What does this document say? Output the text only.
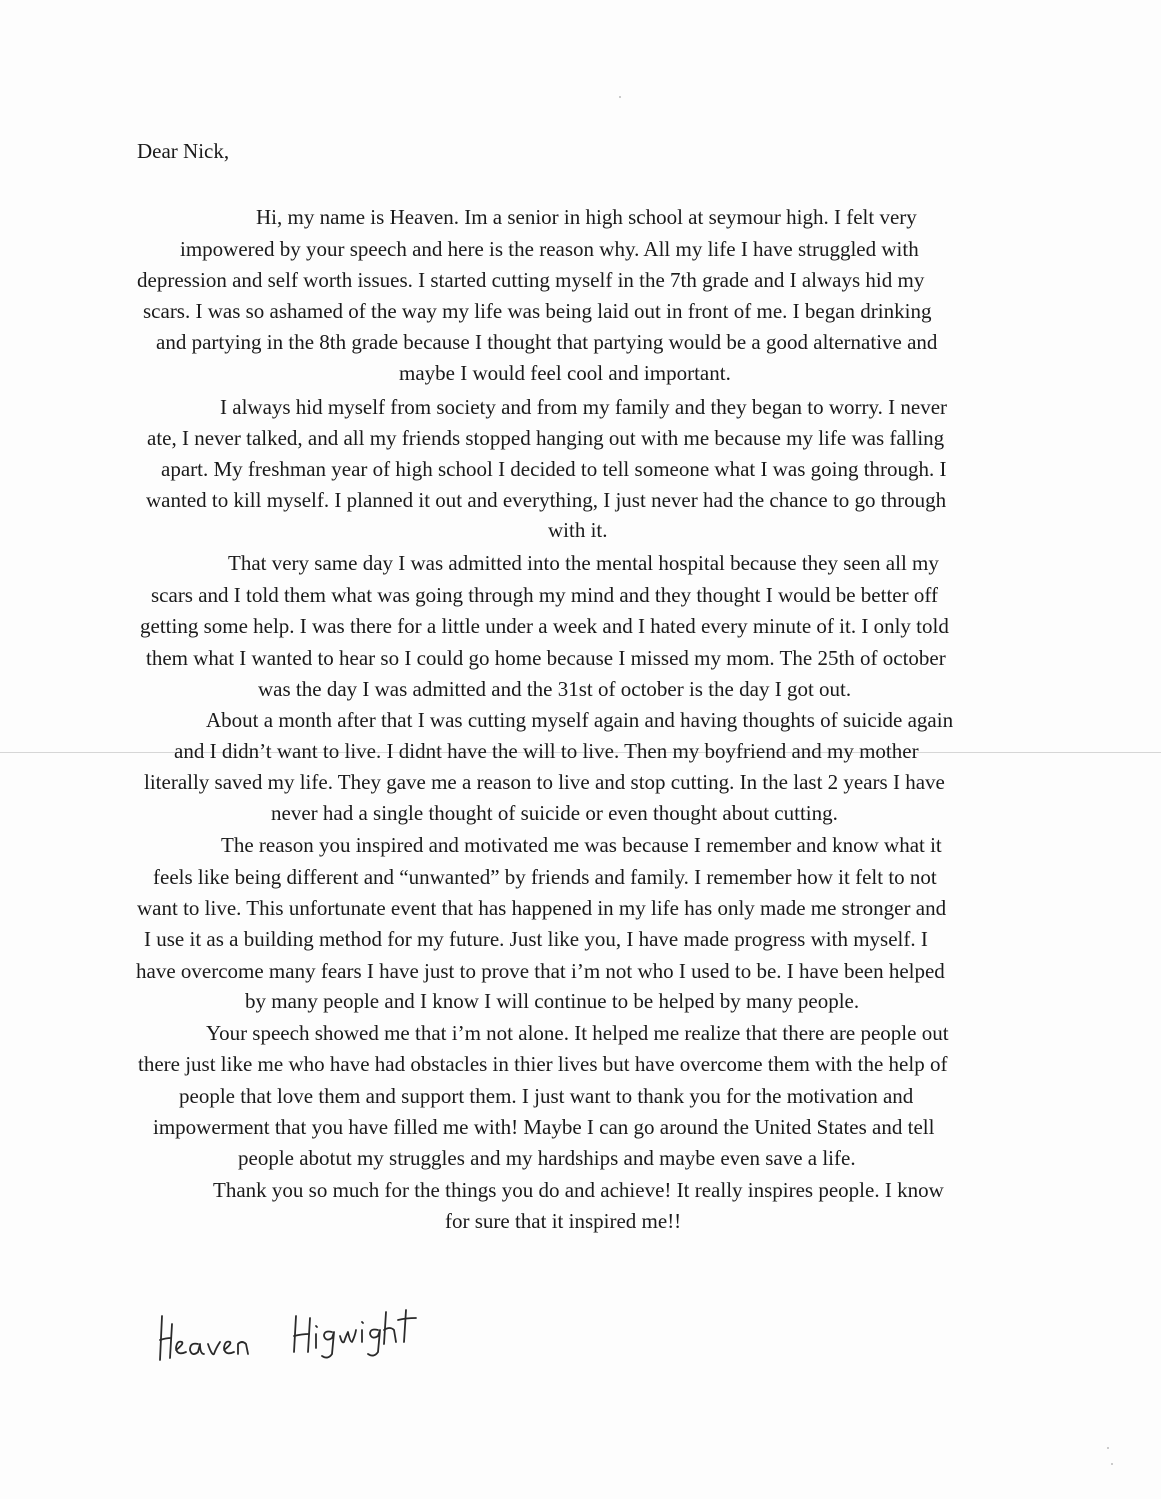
Dear Nick,
Hi, my name is Heaven. Im a senior in high school at seymour high. I felt very
impowered by your speech and here is the reason why. All my life I have struggled with
depression and self worth issues. I started cutting myself in the 7th grade and I always hid my
scars. I was so ashamed of the way my life was being laid out in front of me. I began drinking
and partying in the 8th grade because I thought that partying would be a good alternative and
maybe I would feel cool and important.
I always hid myself from society and from my family and they began to worry. I never
ate, I never talked, and all my friends stopped hanging out with me because my life was falling
apart. My freshman year of high school I decided to tell someone what I was going through. I
wanted to kill myself. I planned it out and everything, I just never had the chance to go through
with it.
That very same day I was admitted into the mental hospital because they seen all my
scars and I told them what was going through my mind and they thought I would be better off
getting some help. I was there for a little under a week and I hated every minute of it. I only told
them what I wanted to hear so I could go home because I missed my mom. The 25th of october
was the day I was admitted and the 31st of october is the day I got out.
About a month after that I was cutting myself again and having thoughts of suicide again
and I didn’t want to live. I didnt have the will to live. Then my boyfriend and my mother
literally saved my life. They gave me a reason to live and stop cutting. In the last 2 years I have
never had a single thought of suicide or even thought about cutting.
The reason you inspired and motivated me was because I remember and know what it
feels like being different and “unwanted” by friends and family. I remember how it felt to not
want to live. This unfortunate event that has happened in my life has only made me stronger and
I use it as a building method for my future. Just like you, I have made progress with myself. I
have overcome many fears I have just to prove that i’m not who I used to be. I have been helped
by many people and I know I will continue to be helped by many people.
Your speech showed me that i’m not alone. It helped me realize that there are people out
there just like me who have had obstacles in thier lives but have overcome them with the help of
people that love them and support them. I just want to thank you for the motivation and
impowerment that you have filled me with! Maybe I can go around the United States and tell
people abotut my struggles and my hardships and maybe even save a life.
Thank you so much for the things you do and achieve! It really inspires people. I know
for sure that it inspired me!!
